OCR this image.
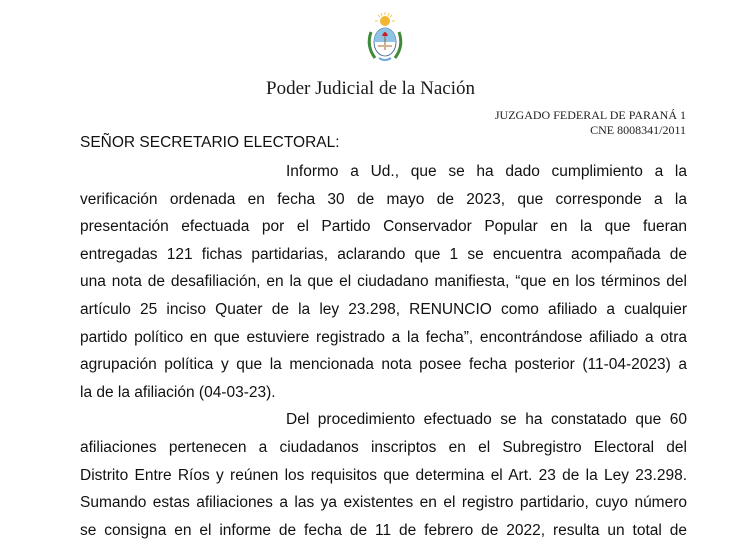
Poder Judicial de la Nación
JUZGADO FEDERAL DE PARANÁ 1
CNE 8008341/2011
SEÑOR SECRETARIO ELECTORAL:
Informo a Ud., que se ha dado cumplimiento a la
verificación ordenada en fecha 30 de mayo de 2023, que corresponde a la
presentación efectuada por el Partido Conservador Popular en la que fueran
entregadas 121 fichas partidarias, aclarando que 1 se encuentra acompañada de
una nota de desafiliación, en la que el ciudadano manifiesta, “que en los términos del
artículo 25 inciso Quater de la ley 23.298, RENUNCIO como afiliado a cualquier
partido político en que estuviere registrado a la fecha”, encontrándose afiliado a otra
agrupación política y que la mencionada nota posee fecha posterior (11-04-2023) a
la de la afiliación (04-03-23).
Del procedimiento efectuado se ha constatado que 60
afiliaciones pertenecen a ciudadanos inscriptos en el Subregistro Electoral del
Distrito Entre Ríos y reúnen los requisitos que determina el Art. 23 de la Ley 23.298.
Sumando estas afiliaciones a las ya existentes en el registro partidario, cuyo número
se consigna en el informe de fecha de 11 de febrero de 2022, resulta un total de
